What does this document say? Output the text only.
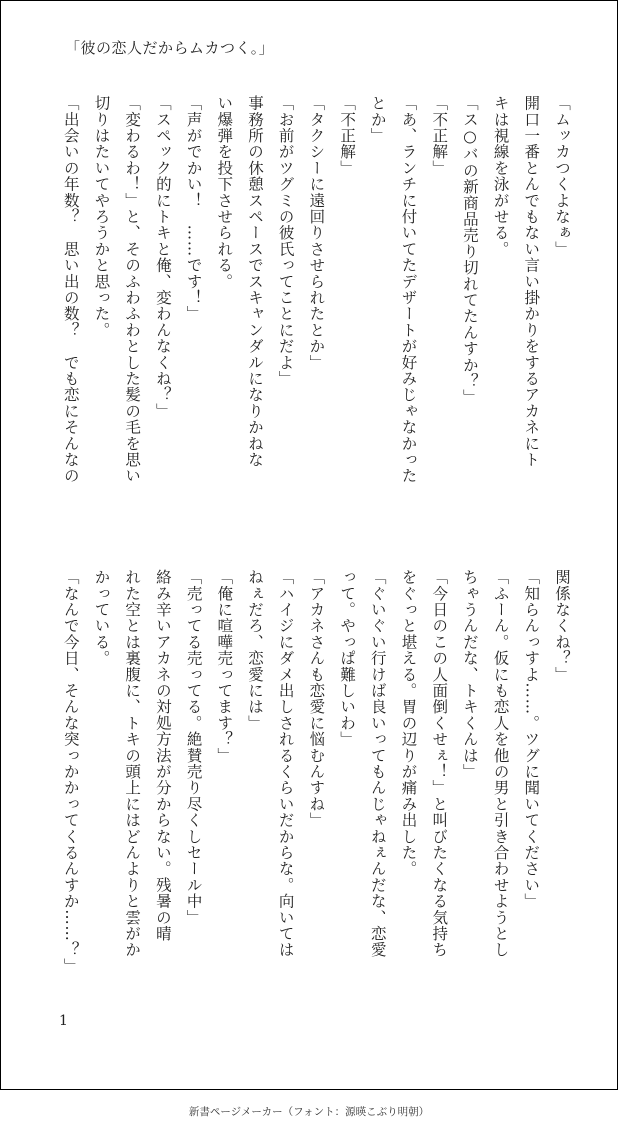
「彼の恋人だからムカつく。」
「ムッカつくよなぁ」
開口一番とんでもない言い掛かりをするアカネにト
キは視線を泳がせる。
「ス○バの新商品売り切れてたんすか？」
「不正解」
「あ、ランチに付いてたデザートが好みじゃなかった
とか」
「不正解」
「タクシーに遠回りさせられたとか」
「お前がツグミの彼氏ってことにだよ」
事務所の休憩スペースでスキャンダルになりかねな
い爆弾を投下させられる。
「声がでかい！　……です！」
「スペック的にトキと俺、変わんなくね？」
「変わるわ！」と、そのふわふわとした髪の毛を思い
切りはたいてやろうかと思った。
「出会いの年数？　思い出の数？　でも恋にそんなの
関係なくね？」
「知らんっすよ……。ツグに聞いてください」
「ふーん。仮にも恋人を他の男と引き合わせようとし
ちゃうんだな、トキくんは」
「今日のこの人面倒くせぇ！」と叫びたくなる気持ち
をぐっと堪える。胃の辺りが痛み出した。
「ぐいぐい行けば良いってもんじゃねぇんだな、恋愛
って。やっぱ難しいわ」
「アカネさんも恋愛に悩むんすね」
「ハイジにダメ出しされるくらいだからな。向いては
ねぇだろ、恋愛には」
「俺に喧嘩売ってます？」
「売ってる売ってる。絶賛売り尽くしセール中」
絡み辛いアカネの対処方法が分からない。残暑の晴
れた空とは裏腹に、トキの頭上にはどんよりと雲がか
かっている。
「なんで今日、そんな突っかかってくるんすか……？」
1
新書ページメーカー（フォント：源暎こぶり明朝）
